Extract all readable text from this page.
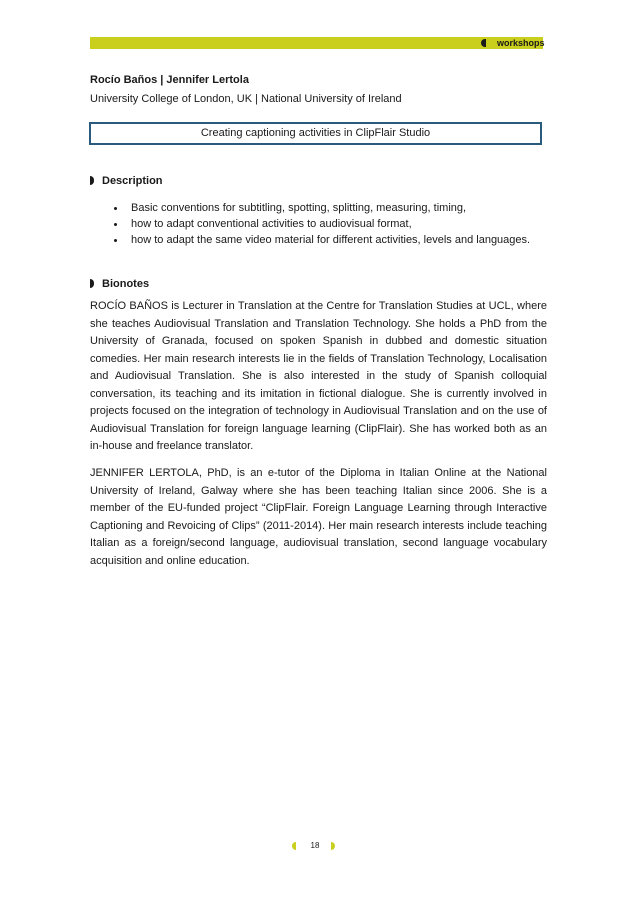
workshops
Rocío Baños | Jennifer Lertola
University College of London, UK | National University of Ireland
Creating captioning activities in ClipFlair Studio
Description
Basic conventions for subtitling, spotting, splitting, measuring, timing,
how to adapt conventional activities to audiovisual format,
how to adapt the same video material for different activities, levels and languages.
Bionotes

ROCÍO BAÑOS is Lecturer in Translation at the Centre for Translation Studies at UCL, where she teaches Audiovisual Translation and Translation Technology. She holds a PhD from the University of Granada, focused on spoken Spanish in dubbed and domestic situation comedies. Her main research interests lie in the fields of Translation Technology, Localisation and Audiovisual Translation. She is also interested in the study of Spanish colloquial conversation, its teaching and its imitation in fictional dialogue. She is currently involved in projects focused on the integration of technology in Audiovisual Translation and on the use of Audiovisual Translation for foreign language learning (ClipFlair). She has worked both as an in-house and freelance translator.

JENNIFER LERTOLA, PhD, is an e-tutor of the Diploma in Italian Online at the National University of Ireland, Galway where she has been teaching Italian since 2006. She is a member of the EU-funded project “ClipFlair. Foreign Language Learning through Interactive Captioning and Revoicing of Clips” (2011-2014). Her main research interests include teaching Italian as a foreign/second language, audiovisual translation, second language vocabulary acquisition and online education.

18
